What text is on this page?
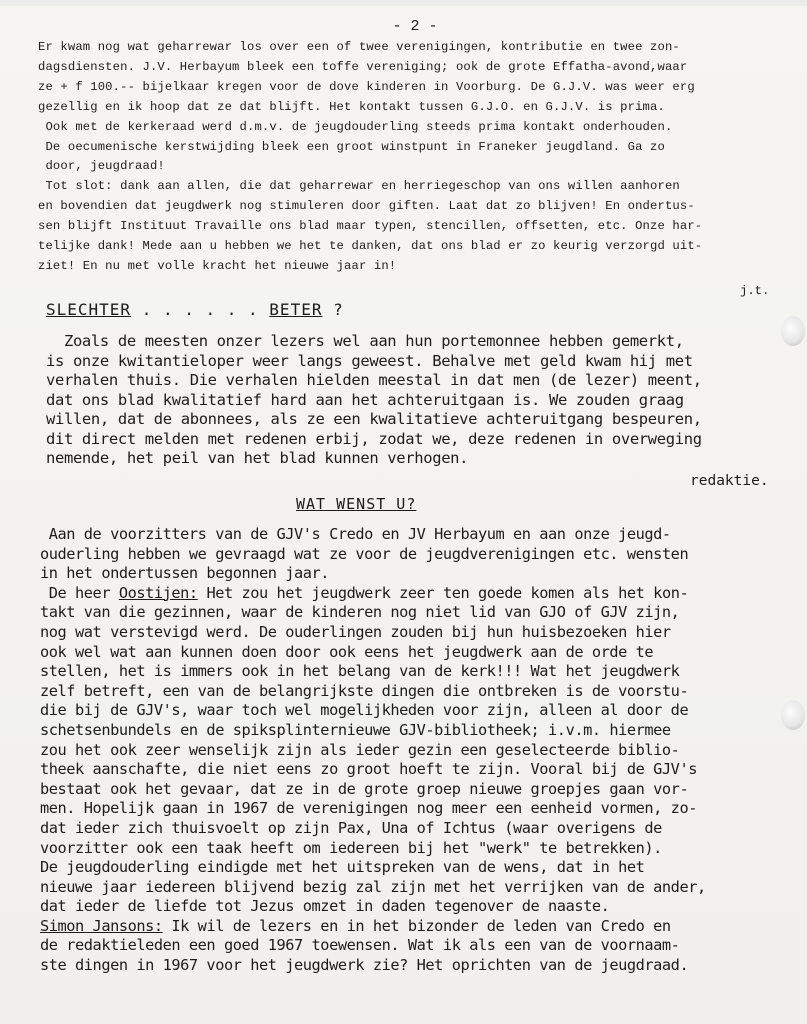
- 2 -
Er kwam nog wat geharrewar los over een of twee verenigingen, kontributie en twee zon-
dagsdiensten. J.V. Herbayum bleek een toffe vereniging; ook de grote Effatha-avond,waar
ze + f 100.-- bijelkaar kregen voor de dove kinderen in Voorburg. De G.J.V. was weer erg
gezellig en ik hoop dat ze dat blijft. Het kontakt tussen G.J.O. en G.J.V. is prima.
Ook met de kerkeraad werd d.m.v. de jeugdouderling steeds prima kontakt onderhouden.
De oecumenische kerstwijding bleek een groot winstpunt in Franeker jeugdland. Ga zo
door, jeugdraad!
Tot slot: dank aan allen, die dat geharrewar en herriegeschop van ons willen aanhoren
en bovendien dat jeugdwerk nog stimuleren door giften. Laat dat zo blijven! En ondertus-
sen blijft Instituut Travaille ons blad maar typen, stencillen, offsetten, etc. Onze har-
telijke dank! Mede aan u hebben we het te danken, dat ons blad er zo keurig verzorgd uit-
ziet! En nu met volle kracht het nieuwe jaar in!
j.t.
SLECHTER . . . . . . BETER ?
Zoals de meesten onzer lezers wel aan hun portemonnee hebben gemerkt,
is onze kwitantieloper weer langs geweest. Behalve met geld kwam hij met
verhalen thuis. Die verhalen hielden meestal in dat men (de lezer) meent,
dat ons blad kwalitatief hard aan het achteruitgaan is. We zouden graag
willen, dat de abonnees, als ze een kwalitatieve achteruitgang bespeuren,
dit direct melden met redenen erbij, zodat we, deze redenen in overweging
nemende, het peil van het blad kunnen verhogen.
redaktie.
WAT WENST U?
Aan de voorzitters van de GJV's Credo en JV Herbayum en aan onze jeugd-
ouderling hebben we gevraagd wat ze voor de jeugdverenigingen etc. wensten
in het ondertussen begonnen jaar.
De heer Oostijen: Het zou het jeugdwerk zeer ten goede komen als het kon-
takt van die gezinnen, waar de kinderen nog niet lid van GJO of GJV zijn,
nog wat verstevigd werd. De ouderlingen zouden bij hun huisbezoeken hier
ook wel wat aan kunnen doen door ook eens het jeugdwerk aan de orde te
stellen, het is immers ook in het belang van de kerk!!! Wat het jeugdwerk
zelf betreft, een van de belangrijkste dingen die ontbreken is de voorstu-
die bij de GJV's, waar toch wel mogelijkheden voor zijn, alleen al door de
schetsenbundels en de spiksplinternieuwe GJV-bibliotheek; i.v.m. hiermee
zou het ook zeer wenselijk zijn als ieder gezin een geselecteerde biblio-
theek aanschafte, die niet eens zo groot hoeft te zijn. Vooral bij de GJV's
bestaat ook het gevaar, dat ze in de grote groep nieuwe groepjes gaan vor-
men. Hopelijk gaan in 1967 de verenigingen nog meer een eenheid vormen, zo-
dat ieder zich thuisvoelt op zijn Pax, Una of Ichtus (waar overigens de
voorzitter ook een taak heeft om iedereen bij het "werk" te betrekken).
De jeugdouderling eindigde met het uitspreken van de wens, dat in het
nieuwe jaar iedereen blijvend bezig zal zijn met het verrijken van de ander,
dat ieder de liefde tot Jezus omzet in daden tegenover de naaste.
Simon Jansons: Ik wil de lezers en in het bizonder de leden van Credo en
de redaktieleden een goed 1967 toewensen. Wat ik als een van de voornaam-
ste dingen in 1967 voor het jeugdwerk zie? Het oprichten van de jeugdraad.
